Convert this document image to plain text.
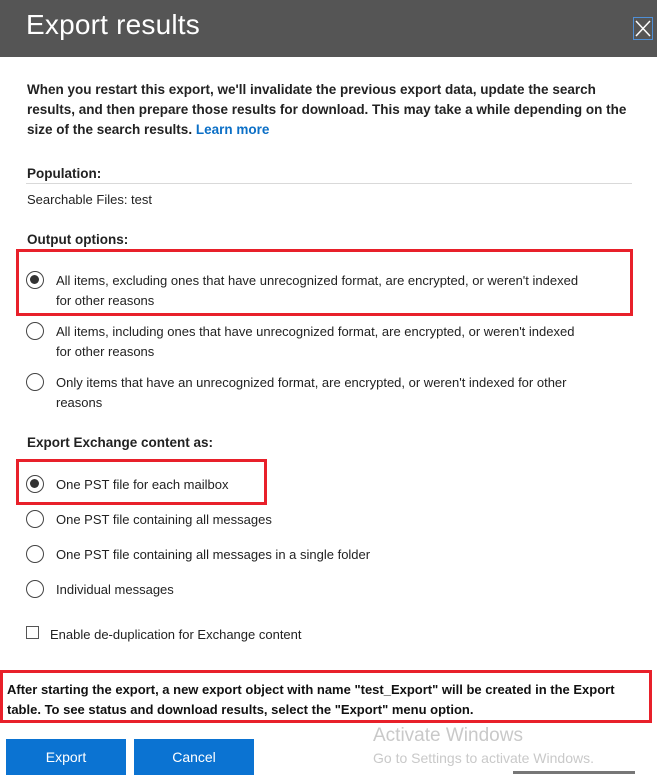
Export results
When you restart this export, we'll invalidate the previous export data, update the search results, and then prepare those results for download. This may take a while depending on the size of the search results. Learn more
Population:
Searchable Files: test
Output options:
All items, excluding ones that have unrecognized format, are encrypted, or weren't indexed
for other reasons
All items, including ones that have unrecognized format, are encrypted, or weren't indexed
for other reasons
Only items that have an unrecognized format, are encrypted, or weren't indexed for other
reasons
Export Exchange content as:
One PST file for each mailbox
One PST file containing all messages
One PST file containing all messages in a single folder
Individual messages
Enable de-duplication for Exchange content
After starting the export, a new export object with name "test_Export" will be created in the Export table. To see status and download results, select the "Export" menu option.
Export	Cancel
Activate Windows
Go to Settings to activate Windows.
